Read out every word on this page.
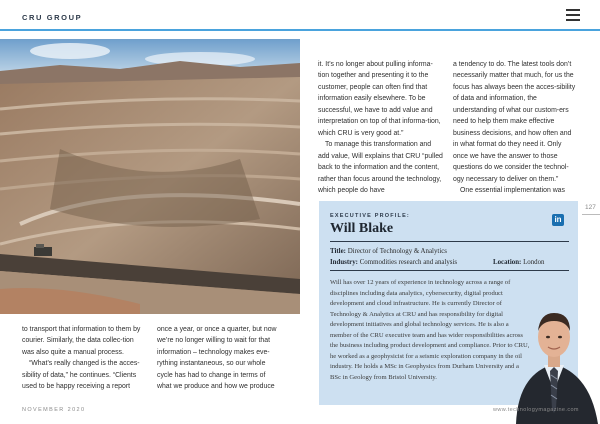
CRU GROUP

to transport that information to them by courier. Similarly, the data collec-tion was also quite a manual process.

“What’s really changed is the acces-sibility of data,” he continues. “Clients used to be happy receiving a report

once a year, or once a quarter, but now we’re no longer willing to wait for that information – technology makes eve-rything instantaneous, so our whole cycle has had to change in terms of what we produce and how we produce

it. It’s no longer about pulling informa-tion together and presenting it to the customer, people can often find that information easily elsewhere. To be successful, we have to add value and interpretation on top of that informa-tion, which CRU is very good at.”

To manage this transformation and add value, Will explains that CRU “pulled back to the information and the content, rather than focus around the technology, which people do have

a tendency to do. The latest tools don’t necessarily matter that much, for us the focus has always been the acces-sibility of data and information, the understanding of what our custom-ers need to help them make effective business decisions, and how often and in what format do they need it. Only once we have the answer to those questions do we consider the technol-ogy necessary to deliver on them.”

One essential implementation was

127
EXECUTIVE PROFILE:
Will Blake
in
Title: Director of Technology & Analytics
Industry: Commodities research and analysis	Location: London
Will has over 12 years of experience in technology across a range of disciplines including data analytics, cybersecurity, digital product development and cloud infrastructure. He is currently Director of Technology & Analytics at CRU and has responsibility for digital development initiatives and global technology services. He is also a member of the CRU executive team and has wider responsibilities across the business including product development and compliance. Prior to CRU, he worked as a geophysicist for a seismic exploration company in the oil industry. He holds a MSc in Geophysics from Durham University and a BSc in Geology from Bristol University.
NOVEMBER 2020	www.technologymagazine.com
